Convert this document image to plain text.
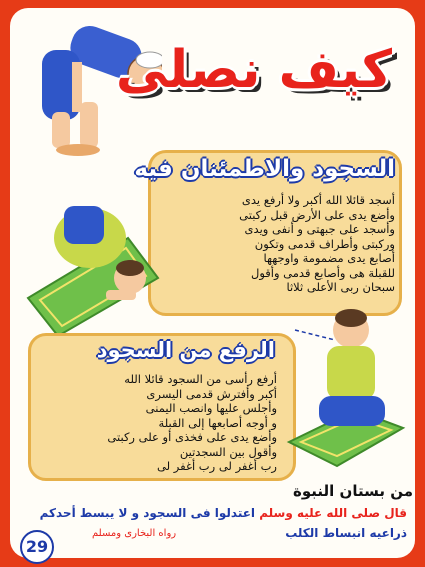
كيف نصلى
السجود والاطمئنان فيه
أسجد قائلا الله أكبر ولا أرفع يدى
وأضع يدى على الأرض قبل ركبتى
وأسجد على جبهتى و أنفى ويدى
وركبتى وأطراف قدمى وتكون
أصابع يدى مضمومة واوجهها
للقبلة هى وأصابع قدمى وأقول
سبحان ربى الأعلى ثلاثا
الرفع من السجود
أرفع رأسى من السجود قائلا الله
أكبر وأفترش قدمى اليسرى
وأجلس عليها وانصب اليمنى
و أوجه أصابعها إلى القبلة
وأضع يدى على فخذى أو على ركبتى
وأقول بين السجدتين
رب أغفر لى رب أغفر لى
من بستان النبوة
قال صلى الله عليه وسلم اعتدلوا فى السجود و لا يبسط أحدكم
ذراعيه انبساط الكلب
رواه البخارى ومسلم
29
